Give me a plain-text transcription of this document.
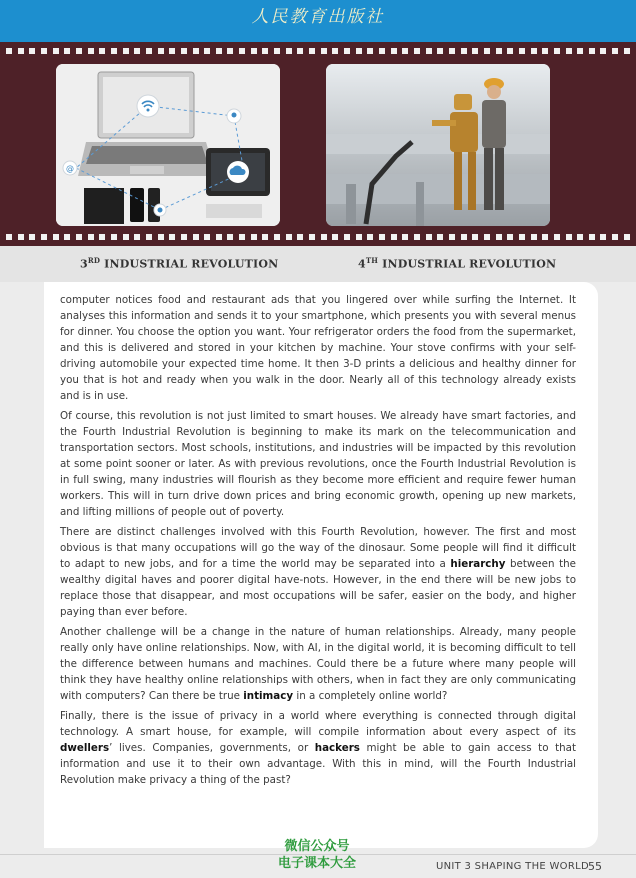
人民教育出版社
@
3RD INDUSTRIAL REVOLUTION	4TH INDUSTRIAL REVOLUTION

computer notices food and restaurant ads that you lingered over while surfing the Internet. It analyses this information and sends it to your smartphone, which presents you with several menus for dinner. You choose the option you want. Your refrigerator orders the food from the supermarket, and this is delivered and stored in your kitchen by machine. Your stove confirms with your self-driving automobile your expected time home. It then 3-D prints a delicious and healthy dinner for you that is hot and ready when you walk in the door. Nearly all of this technology already exists and is in use.

Of course, this revolution is not just limited to smart houses. We already have smart factories, and the Fourth Industrial Revolution is beginning to make its mark on the telecommunication and transportation sectors. Most schools, institutions, and industries will be impacted by this revolution at some point sooner or later. As with previous revolutions, once the Fourth Industrial Revolution is in full swing, many industries will flourish as they become more efficient and require fewer human workers. This will in turn drive down prices and bring economic growth, opening up new markets, and lifting millions of people out of poverty.

There are distinct challenges involved with this Fourth Revolution, however. The first and most obvious is that many occupations will go the way of the dinosaur. Some people will find it difficult to adapt to new jobs, and for a time the world may be separated into a hierarchy between the wealthy digital haves and poorer digital have-nots. However, in the end there will be new jobs to replace those that disappear, and most occupations will be safer, easier on the body, and higher paying than ever before.

Another challenge will be a change in the nature of human relationships. Already, many people really only have online relationships. Now, with AI, in the digital world, it is becoming difficult to tell the difference between humans and machines. Could there be a future where many people will think they have healthy online relationships with others, when in fact they are only communicating with computers? Can there be true intimacy in a completely online world?

Finally, there is the issue of privacy in a world where everything is connected through digital technology. A smart house, for example, will compile information about every aspect of its dwellers’ lives. Companies, governments, or hackers might be able to gain access to that information and use it to their own advantage. With this in mind, will the Fourth Industrial Revolution make privacy a thing of the past?

微信公众号
电子课本大全	UNIT 3 SHAPING THE WORLD 55
